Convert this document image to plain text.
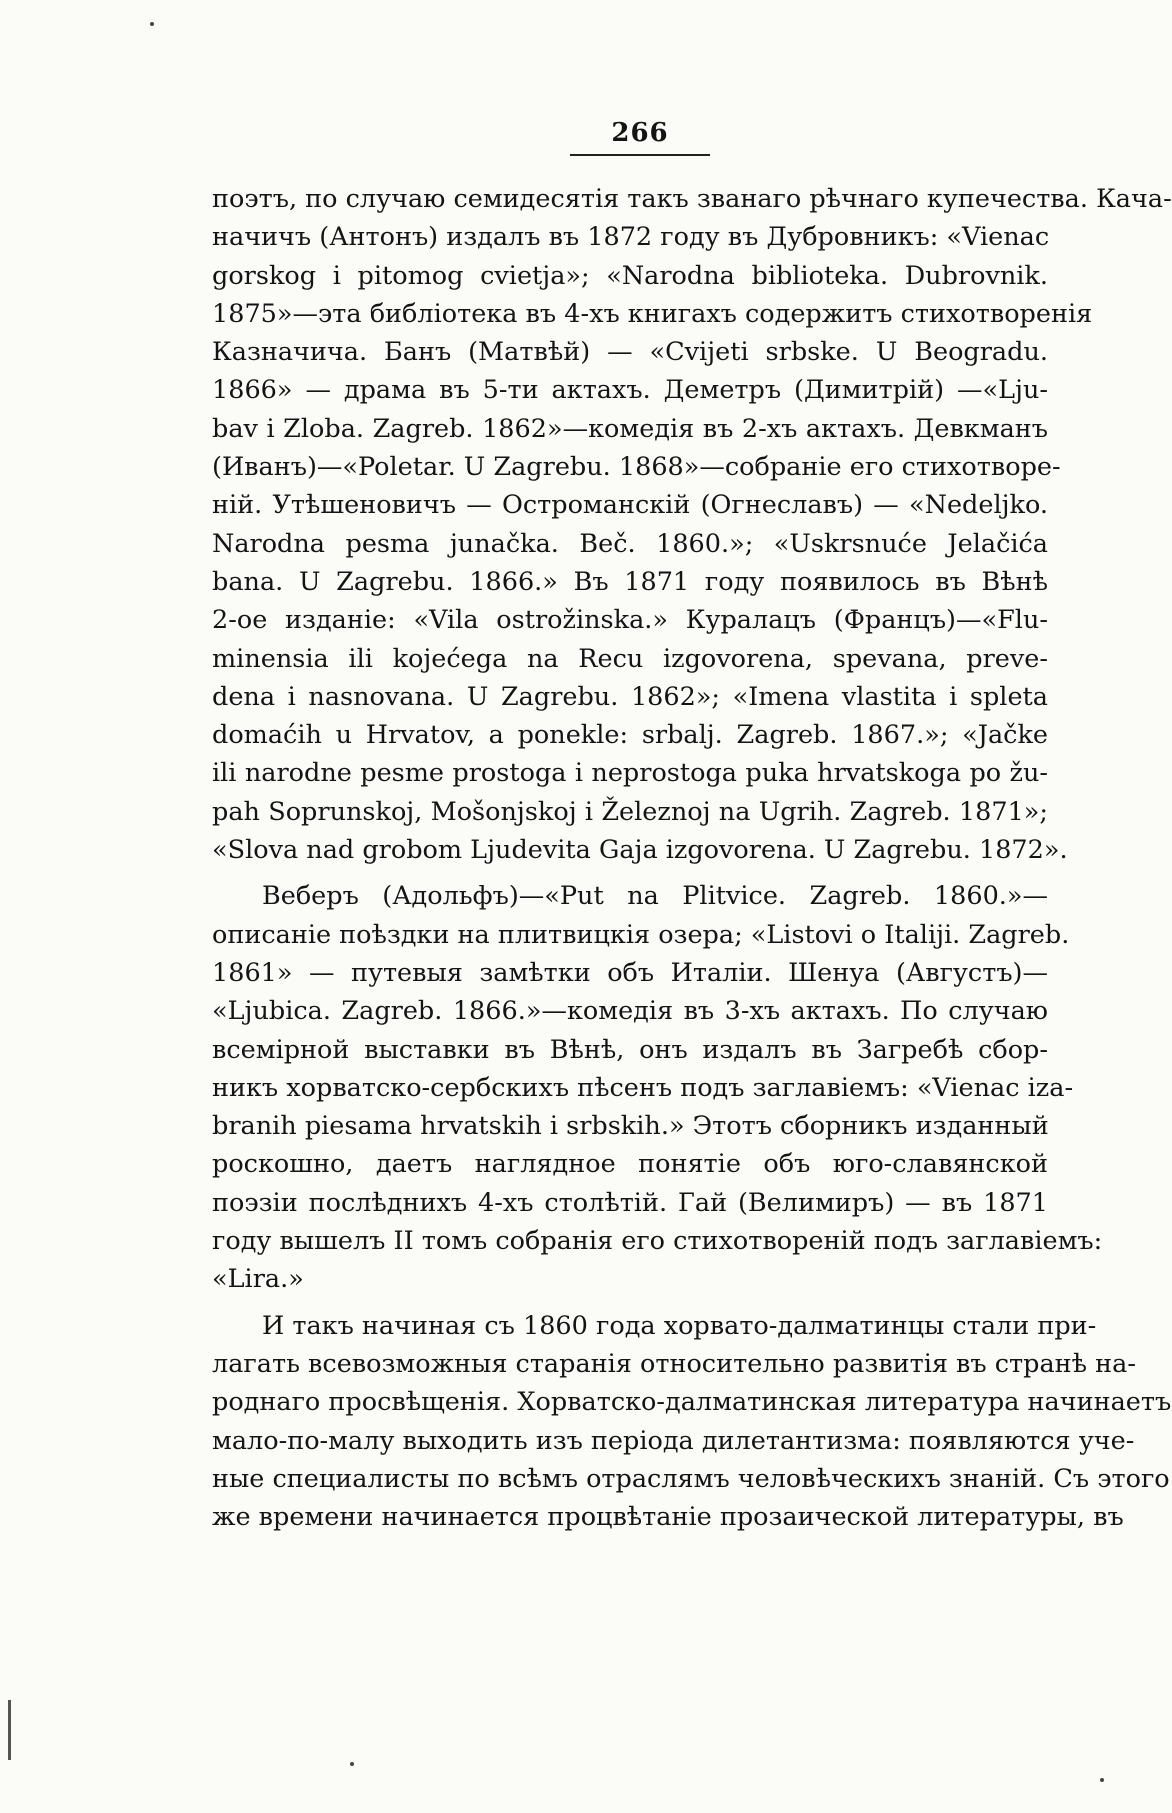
266
поэтъ, по случаю семидесятія такъ званаго рѣчнаго купечества. Кача-
начичъ (Антонъ) издалъ въ 1872 году въ Дубровникъ: «Vienac
gorskog i pitomog cvietja»; «Narodna biblioteka. Dubrovnik.
1875»—эта библіотека въ 4-хъ книгахъ содержитъ стихотворенія
Казначича. Банъ (Матвѣй) — «Cvijeti srbske. U Beogradu.
1866» — драма въ 5-ти актахъ. Деметръ (Димитрій) —«Lju-
bav i Zloba. Zagreb. 1862»—комедія въ 2-хъ актахъ. Девкманъ
(Иванъ)—«Poletar. U Zagrebu. 1868»—собраніе его стихотворе-
ній. Утѣшеновичъ — Остроманскій (Огнеславъ) — «Nedeljko.
Narodna pesma junačka. Beč. 1860.»; «Uskrsnuće Jelačića
bana. U Zagrebu. 1866.» Въ 1871 году появилось въ Вѣнѣ
2-ое изданіе: «Vila ostrožinska.» Куралацъ (Францъ)—«Flu-
minensia ili kojećega na Recu izgovorena, spevana, preve-
dena i nasnovana. U Zagrebu. 1862»; «Imena vlastita i spleta
domaćih u Hrvatov, a ponekle: srbalj. Zagreb. 1867.»; «Jačke
ili narodne pesme prostoga i neprostoga puka hrvatskoga po žu-
pah Soprunskoj, Mošonjskoj i Železnoj na Ugrih. Zagreb. 1871»;
«Slova nad grobom Ljudevita Gaja izgovorena. U Zagrebu. 1872».
Веберъ (Адольфъ)—«Put na Plitvice. Zagreb. 1860.»—
описаніе поѣздки на плитвицкія озера; «Listovi o Italiji. Zagreb.
1861» — путевыя замѣтки объ Италіи. Шенуа (Августъ)—
«Ljubica. Zagreb. 1866.»—комедія въ 3-хъ актахъ. По случаю
всемірной выставки въ Вѣнѣ, онъ издалъ въ Загребѣ сбор-
никъ хорватско-сербскихъ пѣсенъ подъ заглавіемъ: «Vienac iza-
branih piesama hrvatskih i srbskih.» Этотъ сборникъ изданный
роскошно, даетъ наглядное понятіе объ юго-славянской
поэзіи послѣднихъ 4-хъ столѣтій. Гай (Велимиръ) — въ 1871
году вышелъ II томъ собранія его стихотвореній подъ заглавіемъ:
«Lira.»
И такъ начиная съ 1860 года хорвато-далматинцы стали при-
лагать всевозможныя старанія относительно развитія въ странѣ на-
роднаго просвѣщенія. Хорватско-далматинская литература начинаетъ
мало-по-малу выходить изъ періода дилетантизма: появляются уче-
ные специалисты по всѣмъ отраслямъ человѣческихъ знаній. Съ этого
же времени начинается процвѣтаніе прозаической литературы, въ
